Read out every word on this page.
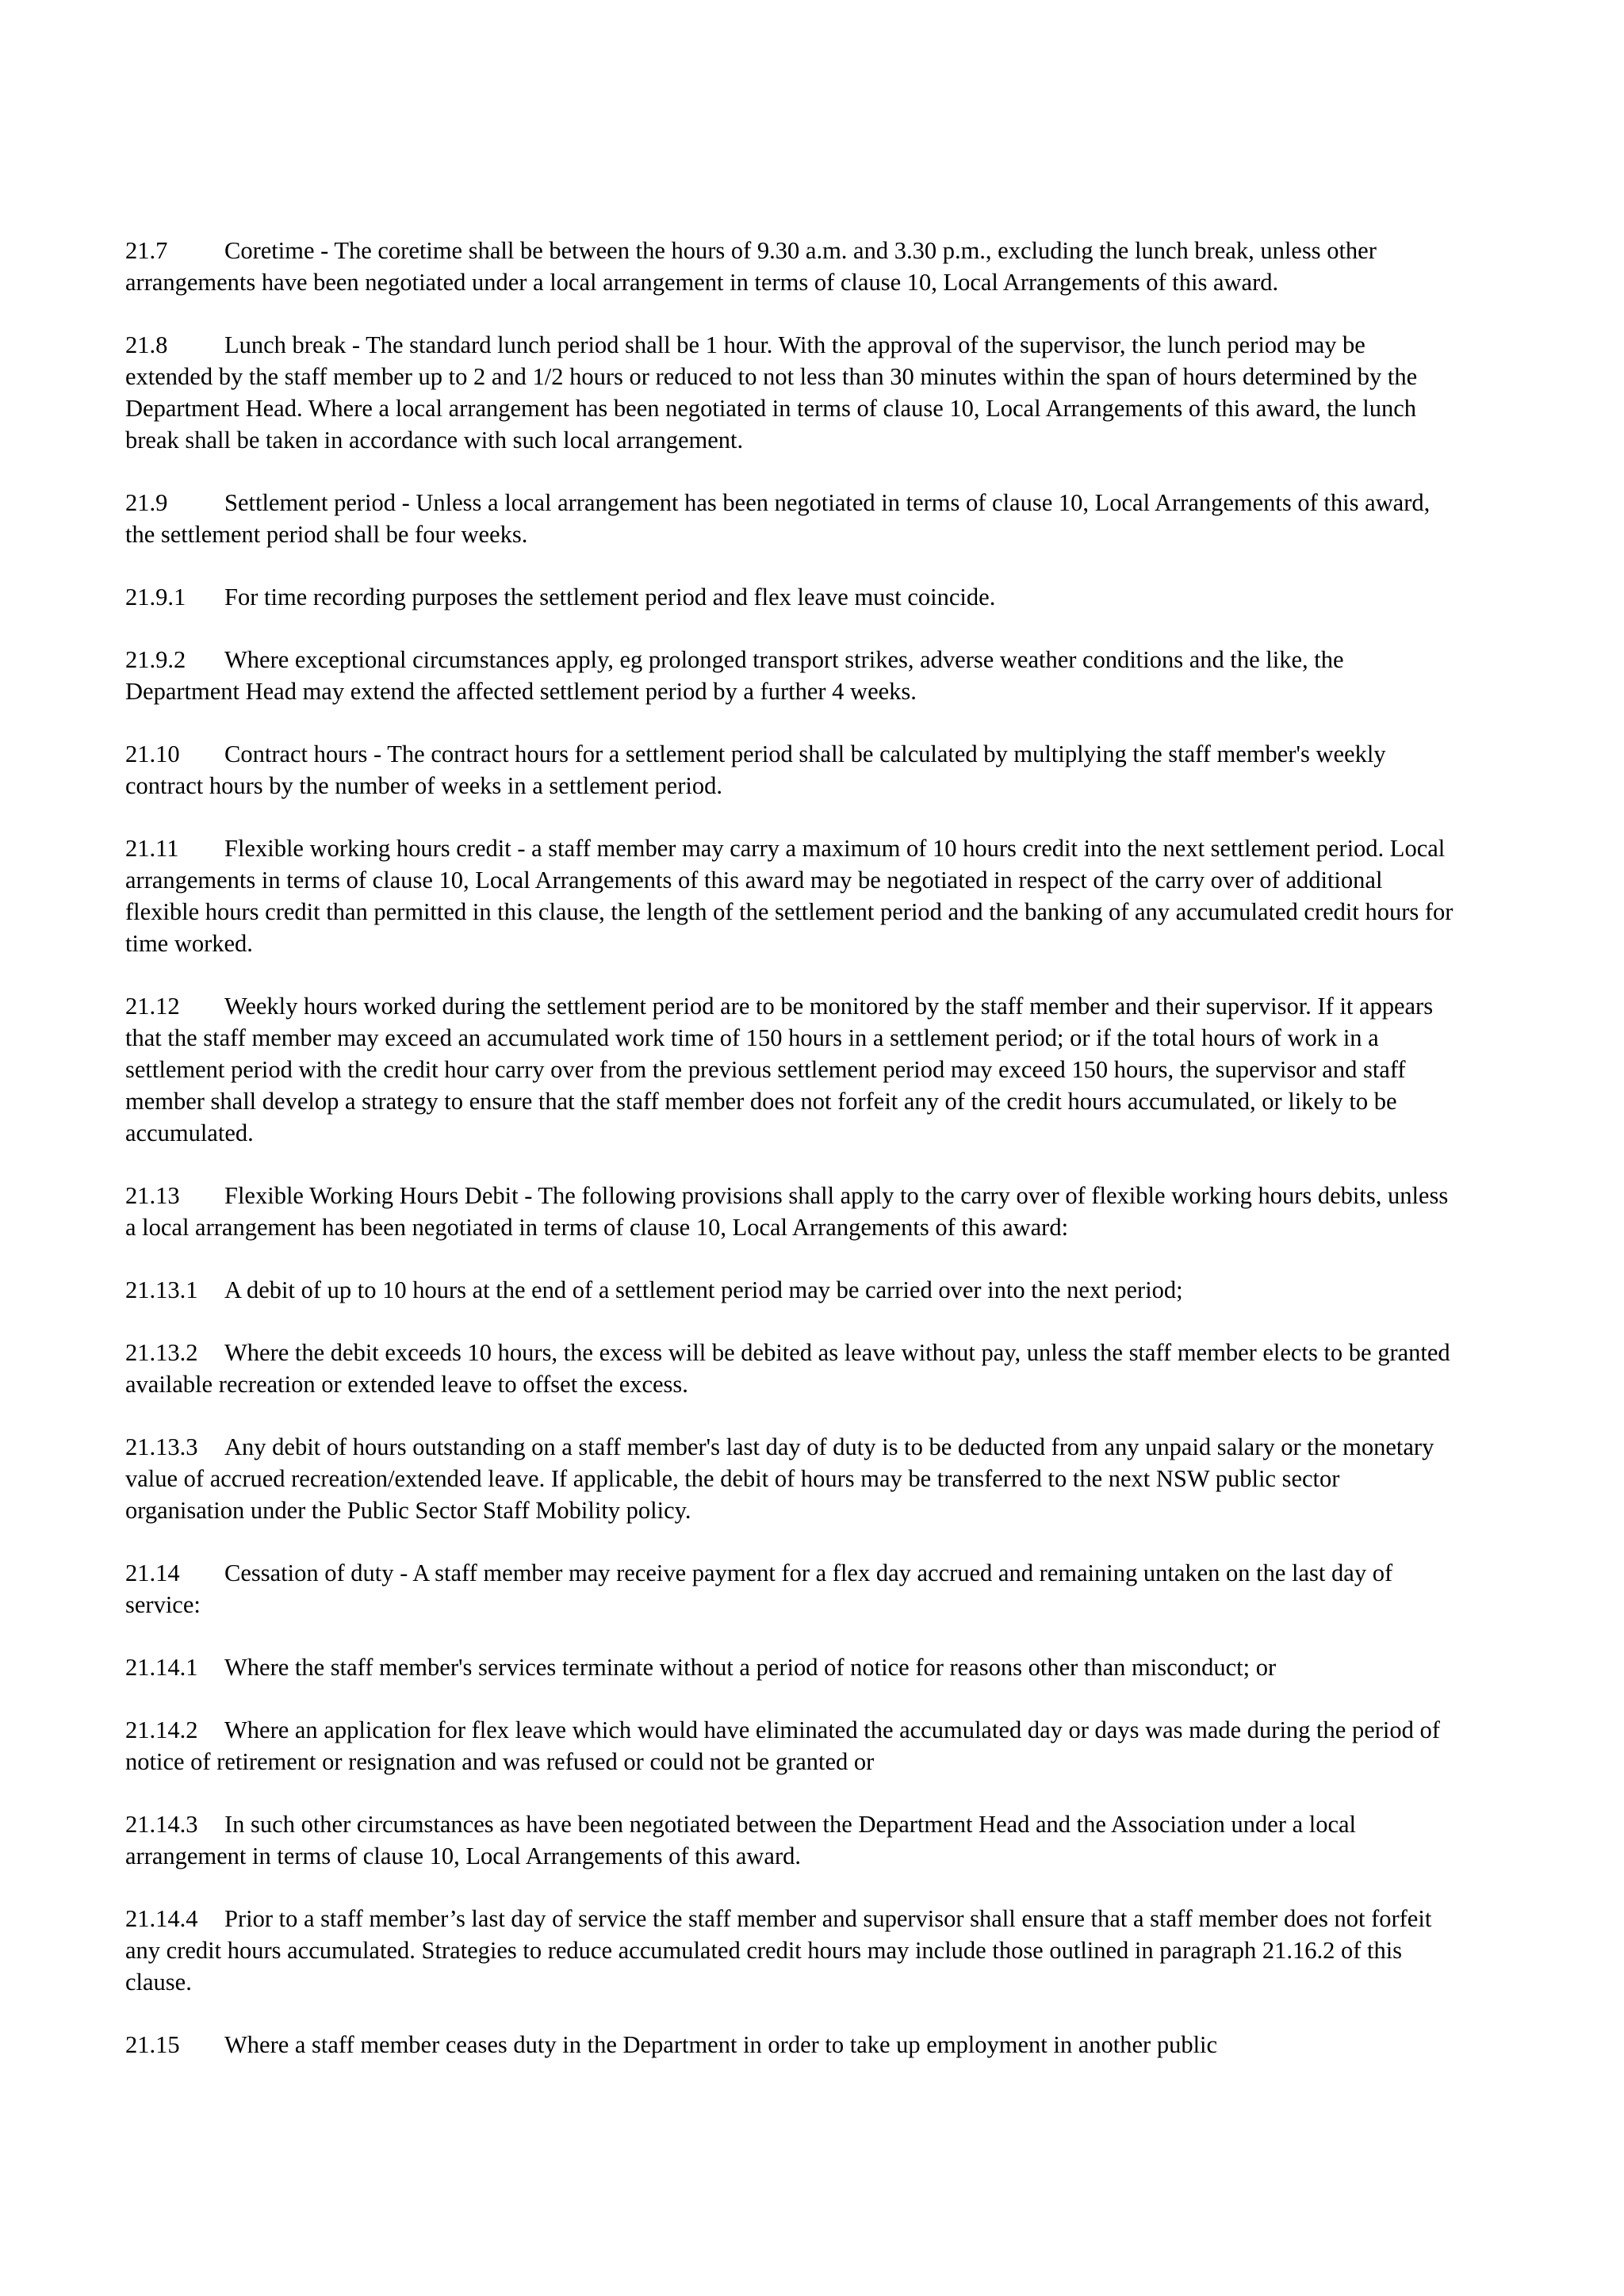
21.7 Coretime - The coretime shall be between the hours of 9.30 a.m. and 3.30 p.m., excluding the lunch break, unless other arrangements have been negotiated under a local arrangement in terms of clause 10, Local Arrangements of this award.

21.8 Lunch break - The standard lunch period shall be 1 hour. With the approval of the supervisor, the lunch period may be extended by the staff member up to 2 and 1/2 hours or reduced to not less than 30 minutes within the span of hours determined by the Department Head. Where a local arrangement has been negotiated in terms of clause 10, Local Arrangements of this award, the lunch break shall be taken in accordance with such local arrangement.

21.9 Settlement period - Unless a local arrangement has been negotiated in terms of clause 10, Local Arrangements of this award, the settlement period shall be four weeks.

21.9.1 For time recording purposes the settlement period and flex leave must coincide.

21.9.2 Where exceptional circumstances apply, eg prolonged transport strikes, adverse weather conditions and the like, the Department Head may extend the affected settlement period by a further 4 weeks.

21.10 Contract hours - The contract hours for a settlement period shall be calculated by multiplying the staff member's weekly contract hours by the number of weeks in a settlement period.

21.11 Flexible working hours credit - a staff member may carry a maximum of 10 hours credit into the next settlement period. Local arrangements in terms of clause 10, Local Arrangements of this award may be negotiated in respect of the carry over of additional flexible hours credit than permitted in this clause, the length of the settlement period and the banking of any accumulated credit hours for time worked.

21.12 Weekly hours worked during the settlement period are to be monitored by the staff member and their supervisor. If it appears that the staff member may exceed an accumulated work time of 150 hours in a settlement period; or if the total hours of work in a settlement period with the credit hour carry over from the previous settlement period may exceed 150 hours, the supervisor and staff member shall develop a strategy to ensure that the staff member does not forfeit any of the credit hours accumulated, or likely to be accumulated.

21.13 Flexible Working Hours Debit - The following provisions shall apply to the carry over of flexible working hours debits, unless a local arrangement has been negotiated in terms of clause 10, Local Arrangements of this award:

21.13.1 A debit of up to 10 hours at the end of a settlement period may be carried over into the next period;

21.13.2 Where the debit exceeds 10 hours, the excess will be debited as leave without pay, unless the staff member elects to be granted available recreation or extended leave to offset the excess.

21.13.3 Any debit of hours outstanding on a staff member's last day of duty is to be deducted from any unpaid salary or the monetary value of accrued recreation/extended leave. If applicable, the debit of hours may be transferred to the next NSW public sector organisation under the Public Sector Staff Mobility policy.

21.14 Cessation of duty - A staff member may receive payment for a flex day accrued and remaining untaken on the last day of service:

21.14.1 Where the staff member's services terminate without a period of notice for reasons other than misconduct; or

21.14.2 Where an application for flex leave which would have eliminated the accumulated day or days was made during the period of notice of retirement or resignation and was refused or could not be granted or

21.14.3 In such other circumstances as have been negotiated between the Department Head and the Association under a local arrangement in terms of clause 10, Local Arrangements of this award.

21.14.4 Prior to a staff member’s last day of service the staff member and supervisor shall ensure that a staff member does not forfeit any credit hours accumulated. Strategies to reduce accumulated credit hours may include those outlined in paragraph 21.16.2 of this clause.

21.15 Where a staff member ceases duty in the Department in order to take up employment in another public
